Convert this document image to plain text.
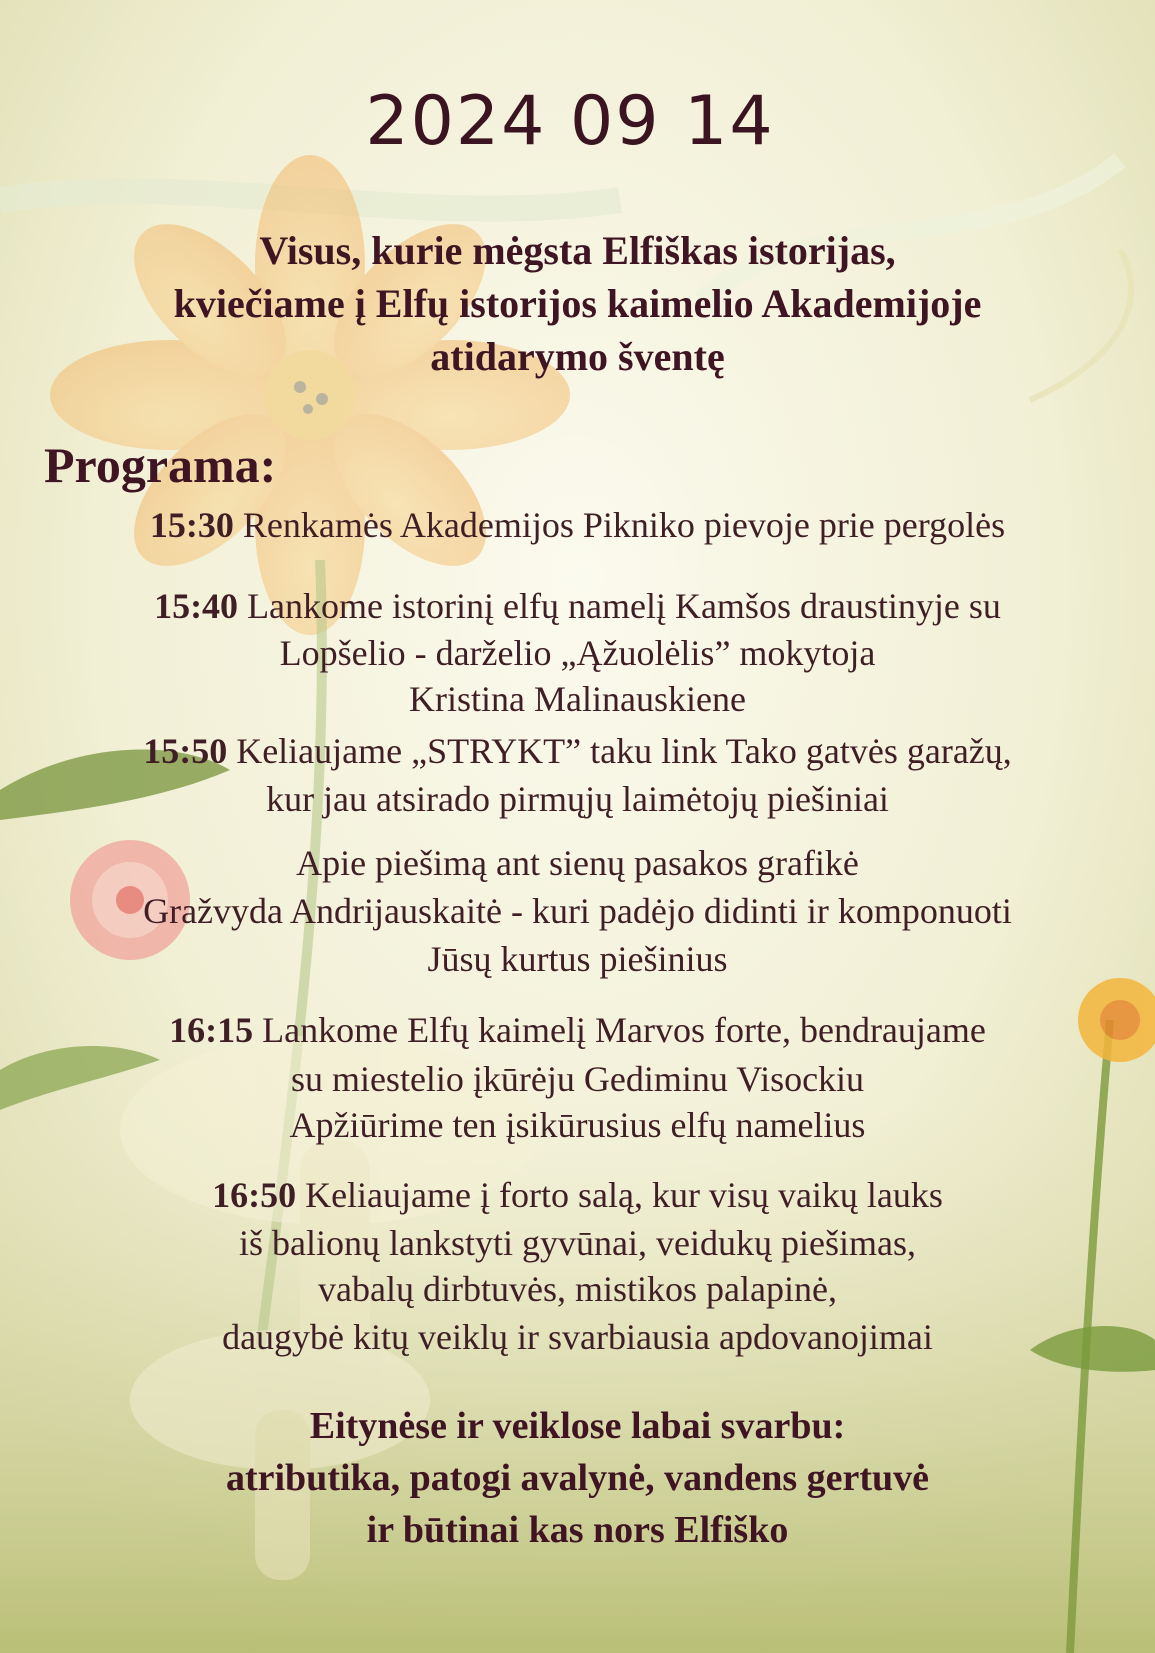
2024 09 14
Visus, kurie mėgsta Elfiškas istorijas,
kviečiame į Elfų istorijos kaimelio Akademijoje
atidarymo šventę
Programa:
15:30 Renkamės Akademijos Pikniko pievoje prie pergolės
15:40 Lankome istorinį elfų namelį Kamšos draustinyje su
Lopšelio - darželio „Ąžuolėlis” mokytoja
Kristina Malinauskiene
15:50 Keliaujame „STRYKT” taku link Tako gatvės garažų,
kur jau atsirado pirmųjų laimėtojų piešiniai
Apie piešimą ant sienų pasakos grafikė
Gražvyda Andrijauskaitė - kuri padėjo didinti ir komponuoti
Jūsų kurtus piešinius
16:15 Lankome Elfų kaimelį Marvos forte, bendraujame
su miestelio įkūrėju Gediminu Visockiu
Apžiūrime ten įsikūrusius elfų namelius
16:50 Keliaujame į forto salą, kur visų vaikų lauks
iš balionų lankstyti gyvūnai, veidukų piešimas,
vabalų dirbtuvės, mistikos palapinė,
daugybė kitų veiklų ir svarbiausia apdovanojimai
Eitynėse ir veiklose labai svarbu:
atributika, patogi avalynė, vandens gertuvė
ir būtinai kas nors Elfiško
